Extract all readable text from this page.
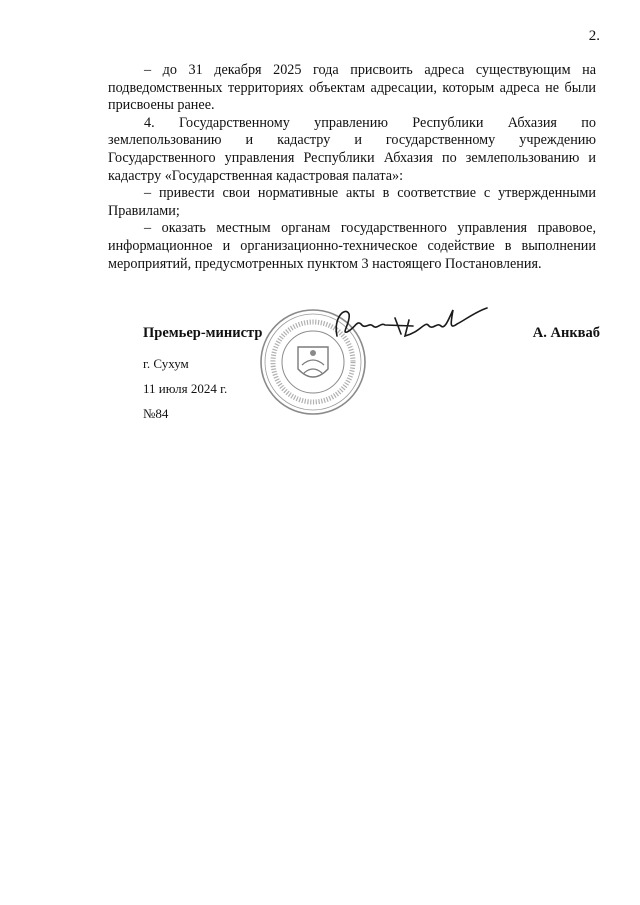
2.

– до 31 декабря 2025 года присвоить адреса существующим на подведомственных территориях объектам адресации, которым адреса не были присвоены ранее.

4. Государственному управлению Республики Абхазия по землепользованию и кадастру и государственному учреждению Государственного управления Республики Абхазия по землепользованию и кадастру «Государственная кадастровая палата»:

– привести свои нормативные акты в соответствие с утвержденными Правилами;

– оказать местным органам государственного управления правовое, информационное и организационно-техническое содействие в выполнении мероприятий, предусмотренных пунктом 3 настоящего Постановления.

Премьер-министр	А. Анкваб
г. Сухум
11 июля 2024 г.
№84
